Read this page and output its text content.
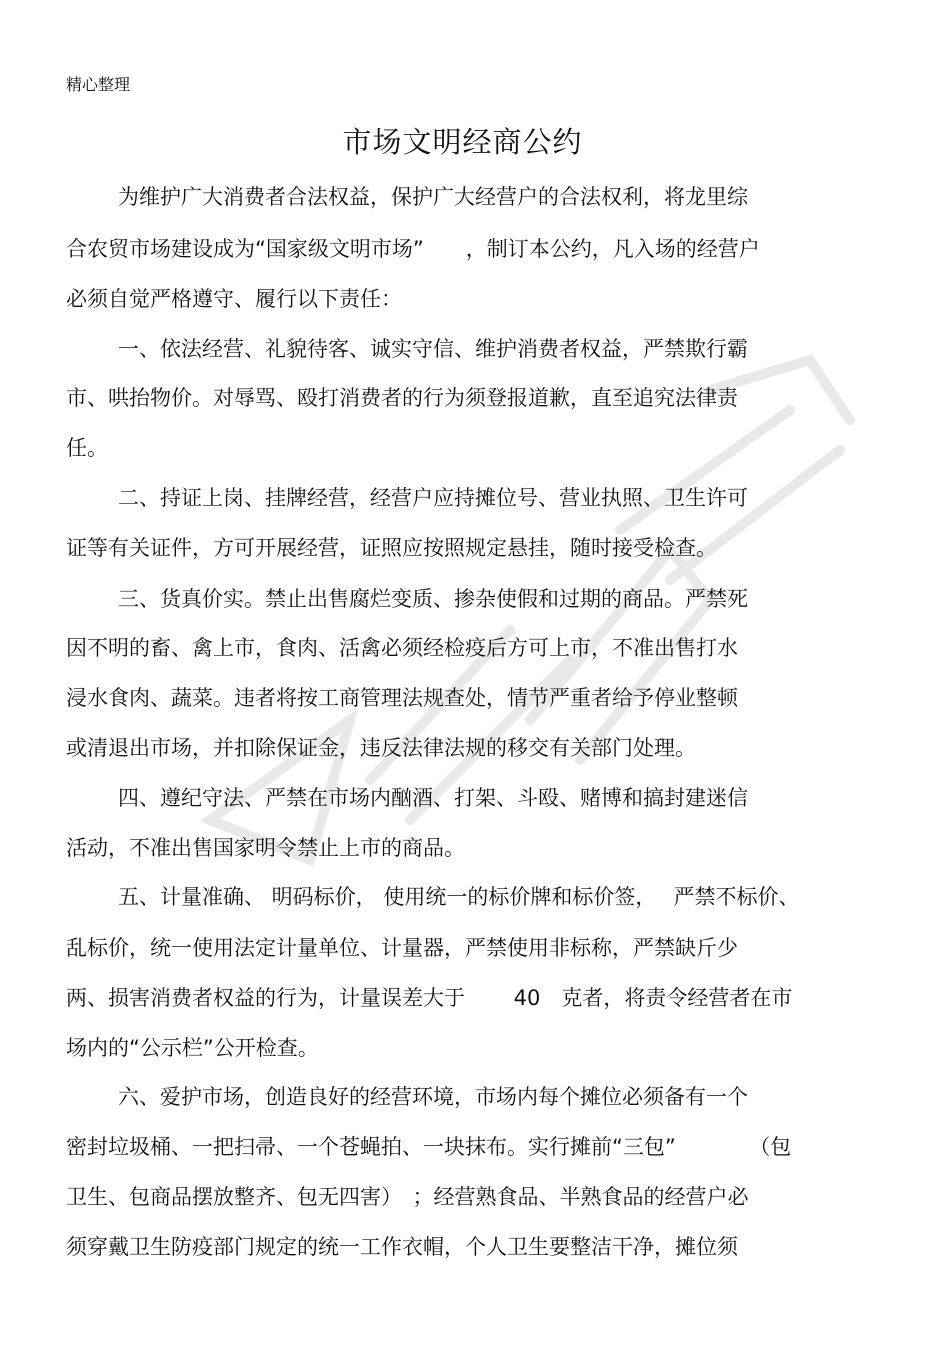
精心整理
市场文明经商公约
为维护广大消费者合法权益，保护广大经营户的合法权利，将龙里综
合农贸市场建设成为“国家级文明市场”　　，制订本公约，凡入场的经营户
必须自觉严格遵守、履行以下责任：
一、依法经营、礼貌待客、诚实守信、维护消费者权益，严禁欺行霸
市、哄抬物价。对辱骂、殴打消费者的行为须登报道歉，直至追究法律责
任。
二、持证上岗、挂牌经营，经营户应持摊位号、营业执照、卫生许可
证等有关证件，方可开展经营，证照应按照规定悬挂，随时接受检查。
三、货真价实。禁止出售腐烂变质、掺杂使假和过期的商品。严禁死
因不明的畜、禽上市，食肉、活禽必须经检疫后方可上市，不准出售打水
浸水食肉、蔬菜。违者将按工商管理法规查处，情节严重者给予停业整顿
或清退出市场，并扣除保证金，违反法律法规的移交有关部门处理。
四、遵纪守法、严禁在市场内酗酒、打架、斗殴、赌博和搞封建迷信
活动，不准出售国家明令禁止上市的商品。
五、计量准确、 明码标价， 使用统一的标价牌和标价签，　 严禁不标价、
乱标价，统一使用法定计量单位、计量器，严禁使用非标称，严禁缺斤少
两、损害消费者权益的行为，计量误差大于　　 40　克者，将责令经营者在市
场内的“公示栏”公开检查。
六、爱护市场，创造良好的经营环境，市场内每个摊位必须备有一个
密封垃圾桶、一把扫帚、一个苍蝇拍、一块抹布。实行摊前“三包”　　　　（包
卫生、包商品摆放整齐、包无四害）　；经营熟食品、半熟食品的经营户必
须穿戴卫生防疫部门规定的统一工作衣帽，个人卫生要整洁干净，摊位须
